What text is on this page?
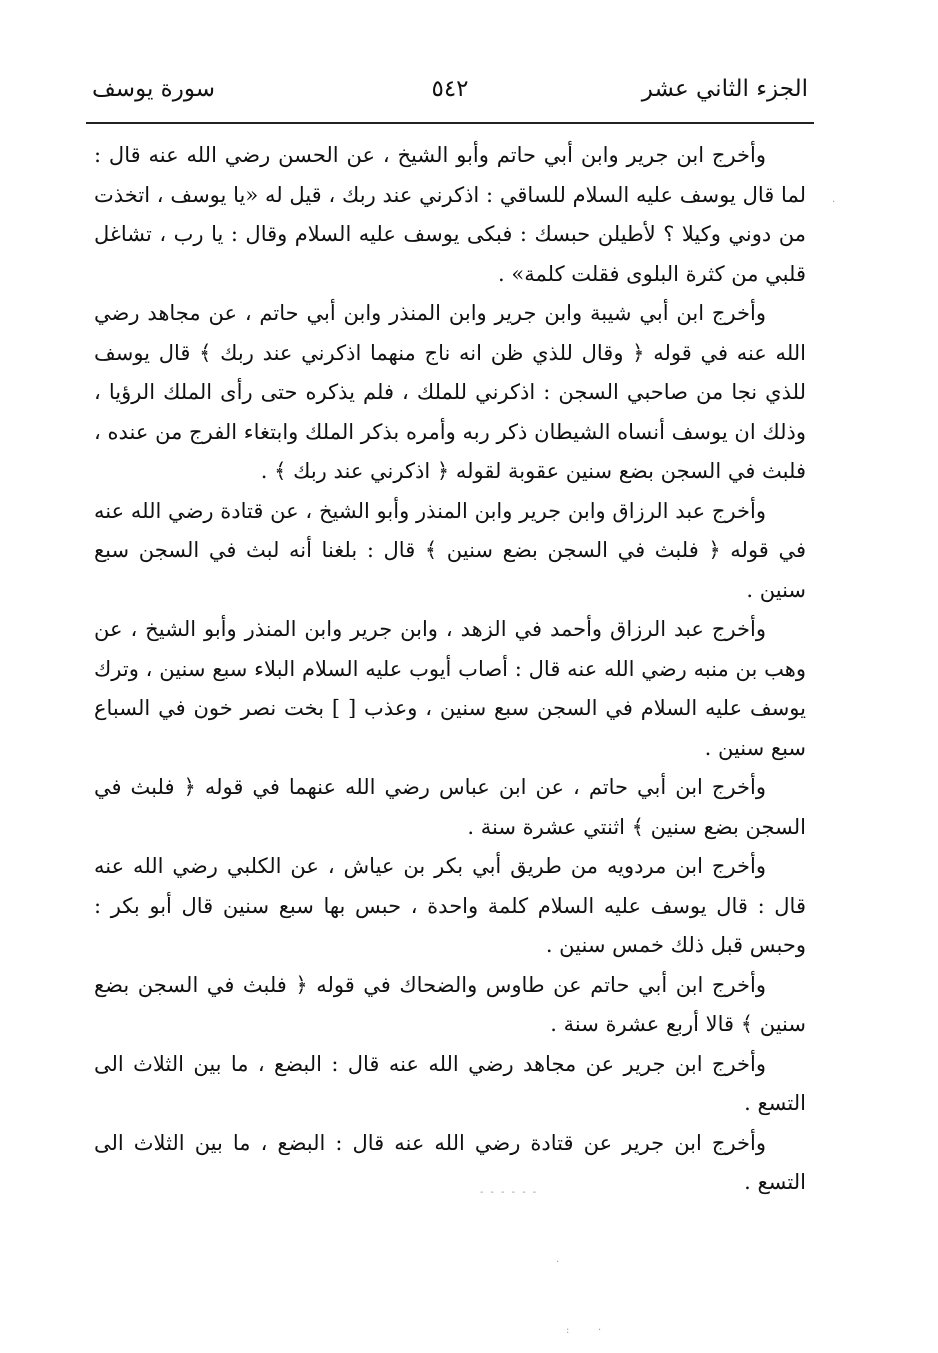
الجزء الثاني عشر
٥٤٢
سورة يوسف

وأخرج ابن جرير وابن أبي حاتم وأبو الشيخ ، عن الحسن رضي الله عنه قال : لما قال يوسف عليه السلام للساقي : اذكرني عند ربك ، قيل له «يا يوسف ، اتخذت من دوني وكيلا ؟ لأطيلن حبسك : فبكى يوسف عليه السلام وقال : يا رب ، تشاغل قلبي من كثرة البلوى فقلت كلمة» .

وأخرج ابن أبي شيبة وابن جرير وابن المنذر وابن أبي حاتم ، عن مجاهد رضي الله عنه في قوله ﴿ وقال للذي ظن انه ناج منهما اذكرني عند ربك ﴾ قال يوسف للذي نجا من صاحبي السجن : اذكرني للملك ، فلم يذكره حتى رأى الملك الرؤيا ، وذلك ان يوسف أنساه الشيطان ذكر ربه وأمره بذكر الملك وابتغاء الفرج من عنده ، فلبث في السجن بضع سنين عقوبة لقوله ﴿ اذكرني عند ربك ﴾ .

وأخرج عبد الرزاق وابن جرير وابن المنذر وأبو الشيخ ، عن قتادة رضي الله عنه في قوله ﴿ فلبث في السجن بضع سنين ﴾ قال : بلغنا أنه لبث في السجن سبع سنين .

وأخرج عبد الرزاق وأحمد في الزهد ، وابن جرير وابن المنذر وأبو الشيخ ، عن وهب بن منبه رضي الله عنه قال : أصاب أيوب عليه السلام البلاء سبع سنين ، وترك يوسف عليه السلام في السجن سبع سنين ، وعذب [ ] بخت نصر خون في السباع سبع سنين .

وأخرج ابن أبي حاتم ، عن ابن عباس رضي الله عنهما في قوله ﴿ فلبث في السجن بضع سنين ﴾ اثنتي عشرة سنة .

وأخرج ابن مردويه من طريق أبي بكر بن عياش ، عن الكلبي رضي الله عنه قال : قال يوسف عليه السلام كلمة واحدة ، حبس بها سبع سنين قال أبو بكر : وحبس قبل ذلك خمس سنين .

وأخرج ابن أبي حاتم عن طاوس والضحاك في قوله ﴿ فلبث في السجن بضع سنين ﴾ قالا أربع عشرة سنة .

وأخرج ابن جرير عن مجاهد رضي الله عنه قال : البضع ، ما بين الثلاث الى التسع .

وأخرج ابن جرير عن قتادة رضي الله عنه قال : البضع ، ما بين الثلاث الى التسع .

·
- - - - - -
·
:	·
